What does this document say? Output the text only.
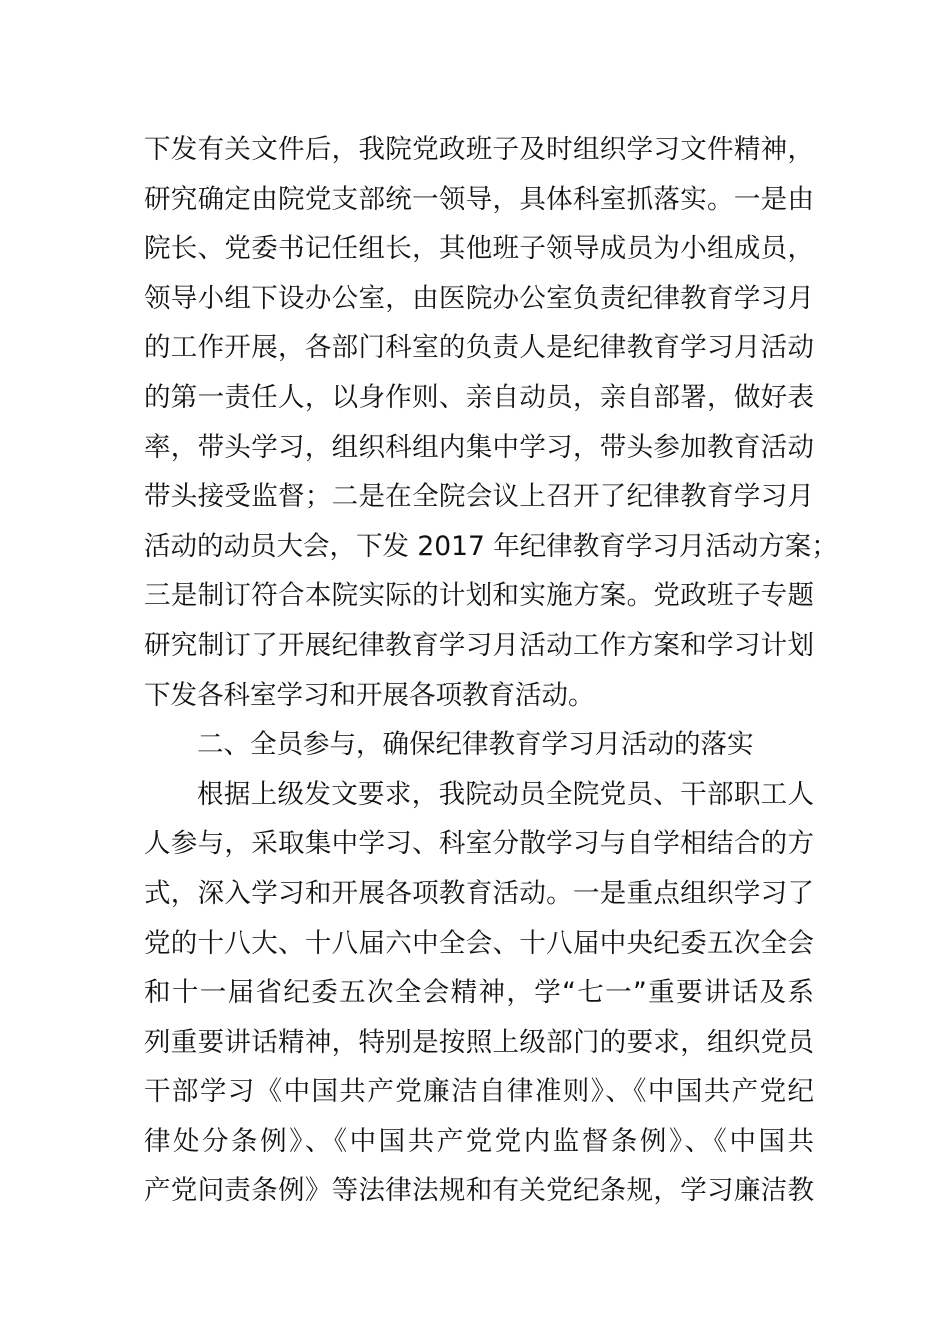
下发有关文件后，我院党政班子及时组织学习文件精神，
研究确定由院党支部统一领导，具体科室抓落实。一是由
院长、党委书记任组长，其他班子领导成员为小组成员，
领导小组下设办公室，由医院办公室负责纪律教育学习月
的工作开展，各部门科室的负责人是纪律教育学习月活动
的第一责任人，以身作则、亲自动员，亲自部署，做好表
率，带头学习，组织科组内集中学习，带头参加教育活动
带头接受监督；二是在全院会议上召开了纪律教育学习月
活动的动员大会，下发 2017 年纪律教育学习月活动方案；
三是制订符合本院实际的计划和实施方案。党政班子专题
研究制订了开展纪律教育学习月活动工作方案和学习计划
下发各科室学习和开展各项教育活动。
二、全员参与，确保纪律教育学习月活动的落实
根据上级发文要求，我院动员全院党员、干部职工人
人参与，采取集中学习、科室分散学习与自学相结合的方
式，深入学习和开展各项教育活动。一是重点组织学习了
党的十八大、十八届六中全会、十八届中央纪委五次全会
和十一届省纪委五次全会精神，学“七一”重要讲话及系
列重要讲话精神，特别是按照上级部门的要求，组织党员
干部学习《中国共产党廉洁自律准则》、《中国共产党纪
律处分条例》、《中国共产党党内监督条例》、《中国共
产党问责条例》等法律法规和有关党纪条规，学习廉洁教
